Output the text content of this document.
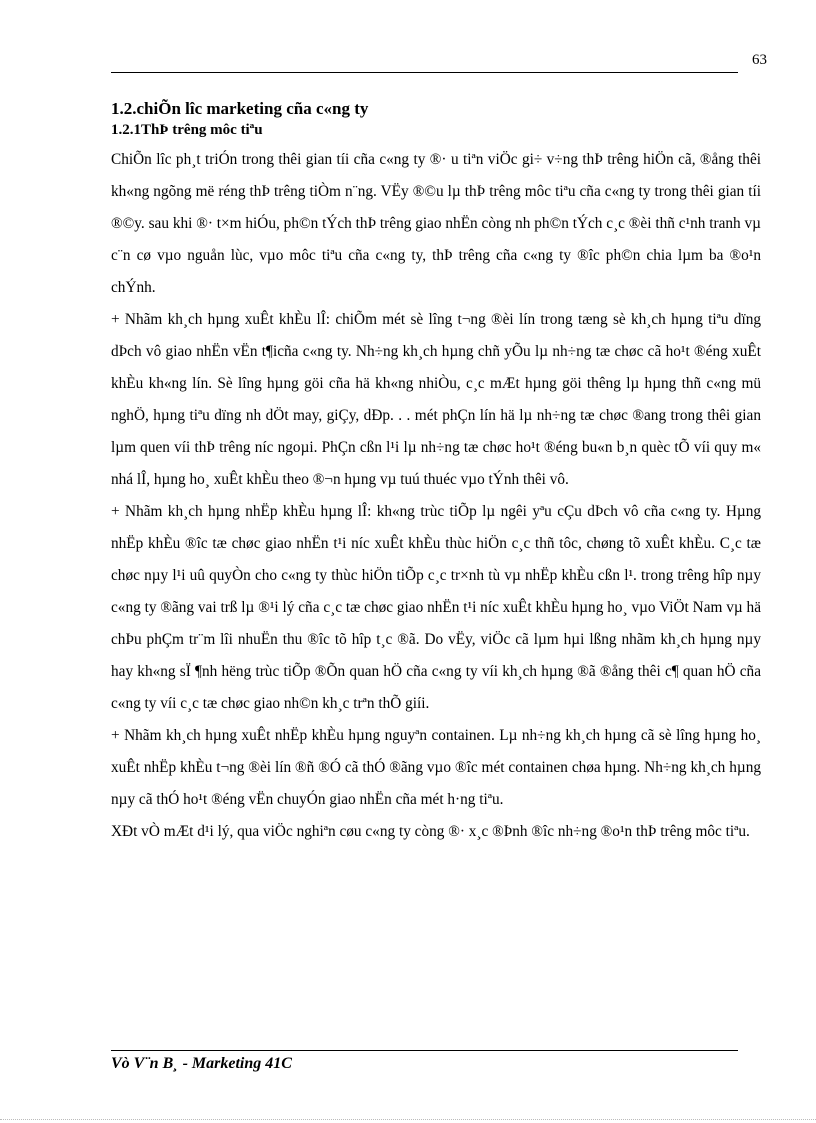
63
1.2.chiÕn lîc marketing cña c«ng ty
1.2.1ThÞ trêng môc tiªu

ChiÕn lîc ph¸t triÓn trong thêi gian tíi cña c«ng ty ®· u tiªn viÖc gi÷ v÷ng thÞ trêng hiÖn cã, ®ång thêi kh«ng ngõng më réng thÞ trêng tiÒm n¨ng. VËy ®©u lµ thÞ trêng môc tiªu cña c«ng ty trong thêi gian tíi ®©y. sau khi ®· t×m hiÓu, ph©n tÝch thÞ trêng giao nhËn còng nh ph©n tÝch c¸c ®èi thñ c¹nh tranh vµ c¨n cø vµo nguån lùc, vµo môc tiªu cña c«ng ty, thÞ trêng cña c«ng ty ®îc ph©n chia lµm ba ®o¹n chÝnh.

+ Nhãm kh¸ch hµng xuÊt khÈu lÎ: chiÕm mét sè lîng t¬ng ®èi lín trong tæng sè kh¸ch hµng tiªu dïng dÞch vô giao nhËn vËn t¶icña c«ng ty. Nh÷ng kh¸ch hµng chñ yÕu lµ nh÷ng tæ chøc cã ho¹t ®éng xuÊt khÈu kh«ng lín. Sè lîng hµng göi cña hä kh«ng nhiÒu, c¸c mÆt hµng göi thêng lµ hµng thñ c«ng mü nghÖ, hµng tiªu dïng nh dÖt may, giÇy, dÐp. . . mét phÇn lín hä lµ nh÷ng tæ chøc ®ang trong thêi gian lµm quen víi thÞ trêng níc ngoµi. PhÇn cßn l¹i lµ nh÷ng tæ chøc ho¹t ®éng bu«n b¸n quèc tÕ víi quy m« nhá lÎ, hµng ho¸ xuÊt khÈu theo ®¬n hµng vµ tuú thuéc vµo tÝnh thêi vô.

+ Nhãm kh¸ch hµng nhËp khÈu hµng lÎ: kh«ng trùc tiÕp lµ ngêi yªu cÇu dÞch vô cña c«ng ty. Hµng nhËp khÈu ®îc tæ chøc giao nhËn t¹i níc xuÊt khÈu thùc hiÖn c¸c thñ tôc, chøng tõ xuÊt khÈu. C¸c tæ chøc nµy l¹i uû quyÒn cho c«ng ty thùc hiÖn tiÕp c¸c tr×nh tù vµ nhËp khÈu cßn l¹. trong trêng hîp nµy c«ng ty ®ãng vai trß lµ ®¹i lý cña c¸c tæ chøc giao nhËn t¹i níc xuÊt khÈu hµng ho¸ vµo ViÖt Nam vµ hä chÞu phÇm tr¨m lîi nhuËn thu ®îc tõ hîp t¸c ®ã. Do vËy, viÖc cã lµm hµi lßng nhãm kh¸ch hµng nµy hay kh«ng sÏ ¶nh hëng trùc tiÕp ®Õn quan hÖ cña c«ng ty víi kh¸ch hµng ®ã ®ång thêi c¶ quan hÖ cña c«ng ty víi c¸c tæ chøc giao nh©n kh¸c trªn thÕ giíi.

+ Nhãm kh¸ch hµng xuÊt nhËp khÈu hµng nguyªn containen. Lµ nh÷ng kh¸ch hµng cã sè lîng hµng ho¸ xuÊt nhËp khÈu t¬ng ®èi lín ®ñ ®Ó cã thÓ ®ãng vµo ®îc mét containen chøa hµng. Nh÷ng kh¸ch hµng nµy cã thÓ ho¹t ®éng vËn chuyÓn giao nhËn cña mét h·ng tiªu.

XÐt vÒ mÆt d¹i lý, qua viÖc nghiªn cøu c«ng ty còng ®· x¸c ®Þnh ®îc nh÷ng ®o¹n thÞ trêng môc tiªu.

Vò V¨n B¸ - Marketing 41C
